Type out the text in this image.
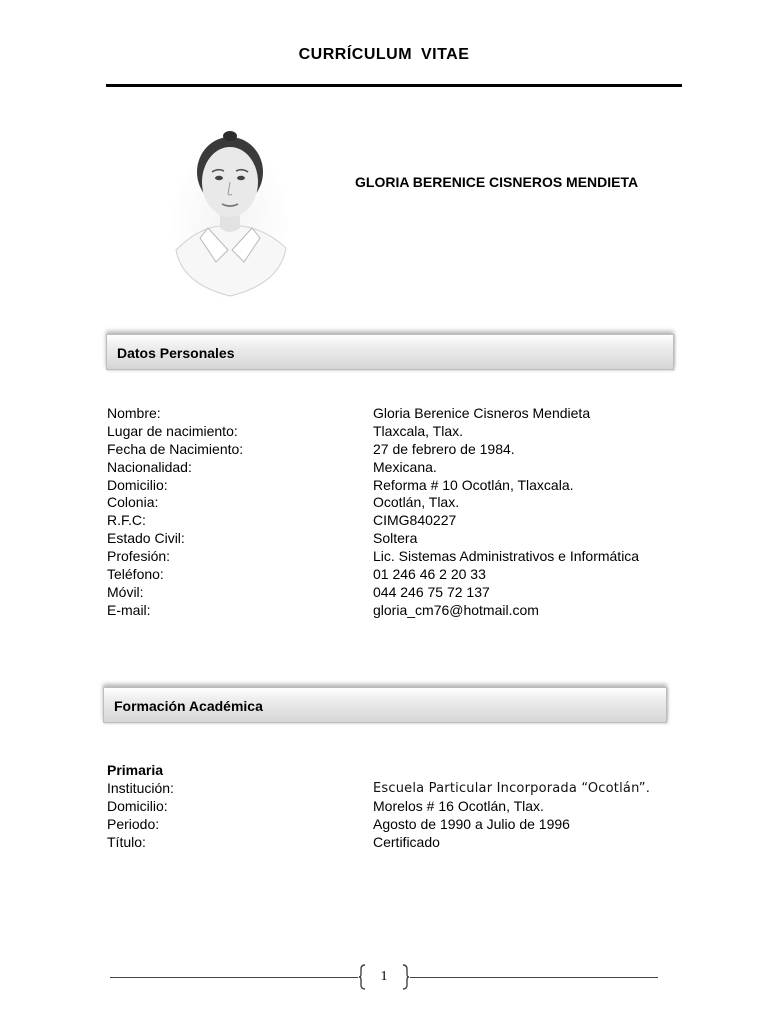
CURRÍCULUM VITAE
GLORIA BERENICE CISNEROS MENDIETA
Datos Personales
Nombre:	Gloria Berenice Cisneros Mendieta
Lugar de nacimiento:	Tlaxcala, Tlax.
Fecha de Nacimiento:	27 de febrero de 1984.
Nacionalidad:	Mexicana.
Domicilio:	Reforma # 10 Ocotlán, Tlaxcala.
Colonia:	Ocotlán, Tlax.
R.F.C:	CIMG840227
Estado Civil:	Soltera
Profesión:	Lic. Sistemas Administrativos e Informática
Teléfono:	01 246 46 2 20 33
Móvil:	044 246 75 72 137
E-mail:	gloria_cm76@hotmail.com
Formación Académica
Primaria
Institución:	Escuela Particular Incorporada “Ocotlán”.
Domicilio:	Morelos # 16 Ocotlán, Tlax.
Periodo:	Agosto de 1990 a Julio de 1996
Título:	Certificado
1
